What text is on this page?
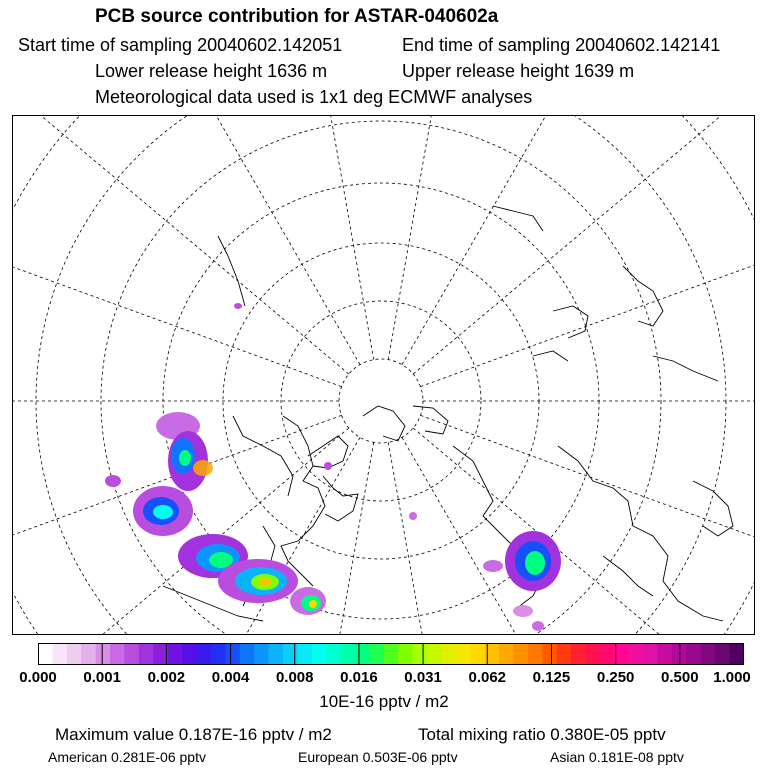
PCB source contribution for ASTAR-040602a
Start time of sampling 20040602.142051	End time of sampling 20040602.142141
Lower release height 1636 m	Upper release height 1639 m
Meteorological data used is 1x1 deg ECMWF analyses
0.000 0.001 0.002 0.004 0.008 0.016 0.031 0.062 0.125 0.250 0.500 1.000
10E-16 pptv / m2
Maximum value 0.187E-16 pptv / m2	Total mixing ratio 0.380E-05 pptv
American 0.281E-06 pptv	European 0.503E-06 pptv	Asian 0.181E-08 pptv
